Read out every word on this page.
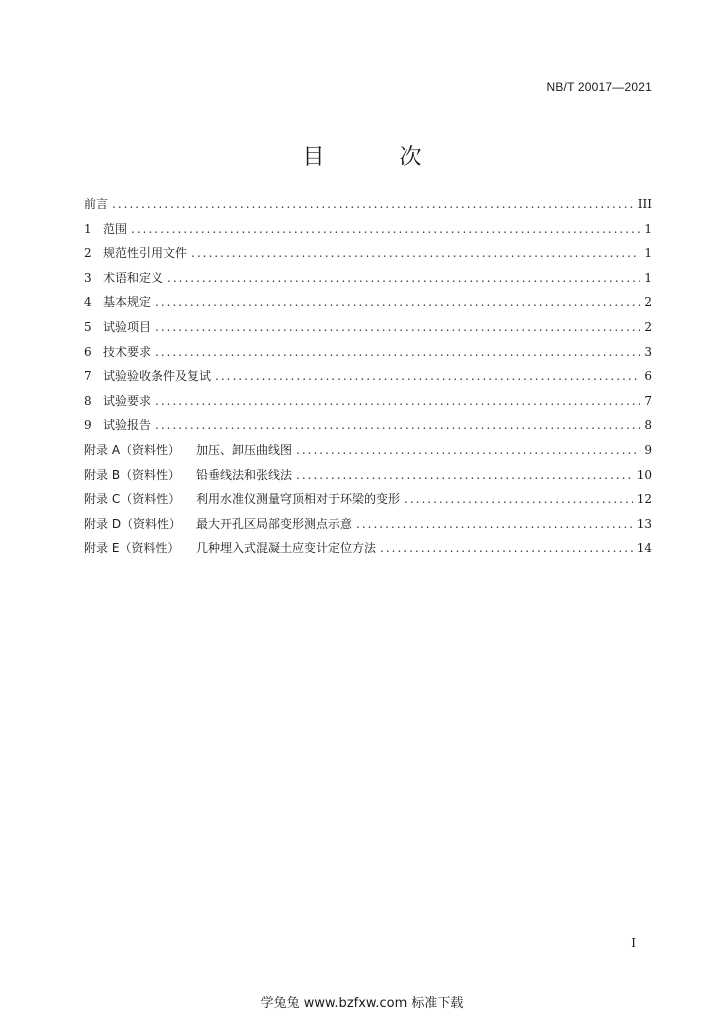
NB/T 20017—2021
目 次
前言 .....	III
1 范围 .....	1
2 规范性引用文件 .....	1
3 术语和定义 .....	1
4 基本规定 .....	2
5 试验项目 .....	2
6 技术要求 .....	3
7 试验验收条件及复试 .....	6
8 试验要求 .....	7
9 试验报告 .....	8
附录 A（资料性）	加压、卸压曲线图 .....	9
附录 B（资料性）	铅垂线法和张线法 .....	10
附录 C（资料性）	利用水准仪测量穹顶相对于环梁的变形 .....	12
附录 D（资料性）	最大开孔区局部变形测点示意 .....	13
附录 E（资料性）	几种埋入式混凝土应变计定位方法 .....	14
I
学兔兔 www.bzfxw.com 标准下载
